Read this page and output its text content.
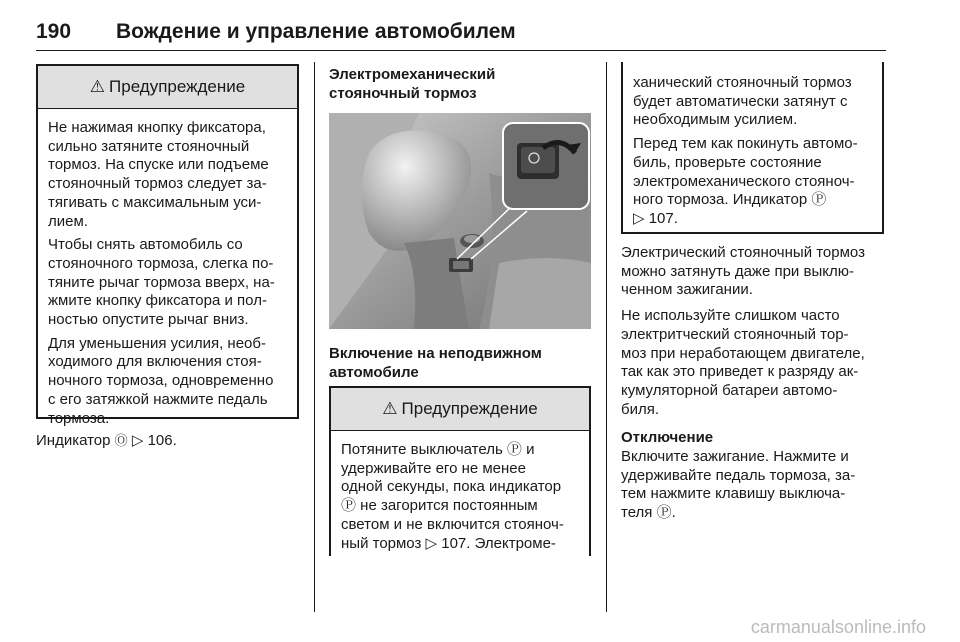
190 Вождение и управление автомобилем
⚠ Предупреждение

Не нажимая кнопку фиксатора,
сильно затяните стояночный
тормоз. На спуске или подъеме
стояночный тормоз следует за-
тягивать с максимальным уси-
лием.

Чтобы снять автомобиль со
стояночного тормоза, слегка по-
тяните рычаг тормоза вверх, на-
жмите кнопку фиксатора и пол-
ностью опустите рычаг вниз.

Для уменьшения усилия, необ-
ходимого для включения стоя-
ночного тормоза, одновременно
с его затяжкой нажмите педаль
тормоза.

Индикатор Ⓞ ▷ 106.

Электромеханический
стояночный тормоз

Включение на неподвижном
автомобиле

⚠ Предупреждение

Потяните выключатель Ⓟ и
удерживайте его не менее
одной секунды, пока индикатор
Ⓟ не загорится постоянным
светом и не включится стояноч-
ный тормоз ▷ 107. Электроме-

ханический стояночный тормоз
будет автоматически затянут с
необходимым усилием.

Перед тем как покинуть автомо-
биль, проверьте состояние
электромеханического стояноч-
ного тормоза. Индикатор Ⓟ
▷ 107.

Электрический стояночный тормоз
можно затянуть даже при выклю-
ченном зажигании.

Не используйте слишком часто
электритческий стояночный тор-
моз при неработающем двигателе,
так как это приведет к разряду ак-
кумуляторной батареи автомо-
биля.

Отключение

Включите зажигание. Нажмите и
удерживайте педаль тормоза, за-
тем нажмите клавишу выключа-
теля Ⓟ.

carmanualsonline.info
